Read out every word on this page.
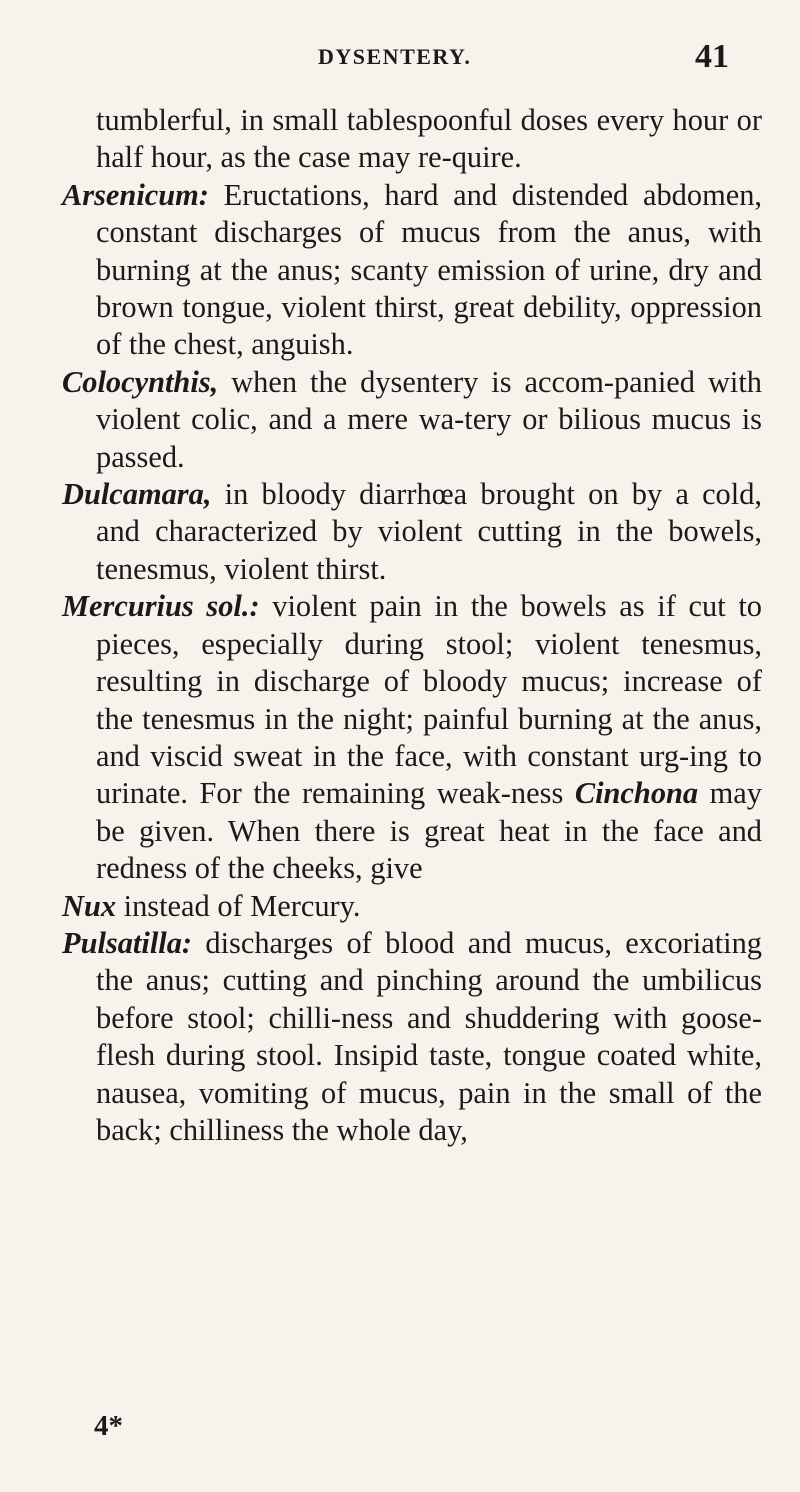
DYSENTERY.	41

tumblerful, in small tablespoonful doses every hour or half hour, as the case may re-quire.

Arsenicum: Eructations, hard and distended abdomen, constant discharges of mucus from the anus, with burning at the anus; scanty emission of urine, dry and brown tongue, violent thirst, great debility, oppression of the chest, anguish.

Colocynthis, when the dysentery is accom-panied with violent colic, and a mere wa-tery or bilious mucus is passed.

Dulcamara, in bloody diarrhœa brought on by a cold, and characterized by violent cutting in the bowels, tenesmus, violent thirst.

Mercurius sol.: violent pain in the bowels as if cut to pieces, especially during stool; violent tenesmus, resulting in discharge of bloody mucus; increase of the tenesmus in the night; painful burning at the anus, and viscid sweat in the face, with constant urg-ing to urinate. For the remaining weak-ness Cinchona may be given. When there is great heat in the face and redness of the cheeks, give

Nux instead of Mercury.

Pulsatilla: discharges of blood and mucus, excoriating the anus; cutting and pinching around the umbilicus before stool; chilli-ness and shuddering with goose-flesh during stool. Insipid taste, tongue coated white, nausea, vomiting of mucus, pain in the small of the back; chilliness the whole day,

4*
